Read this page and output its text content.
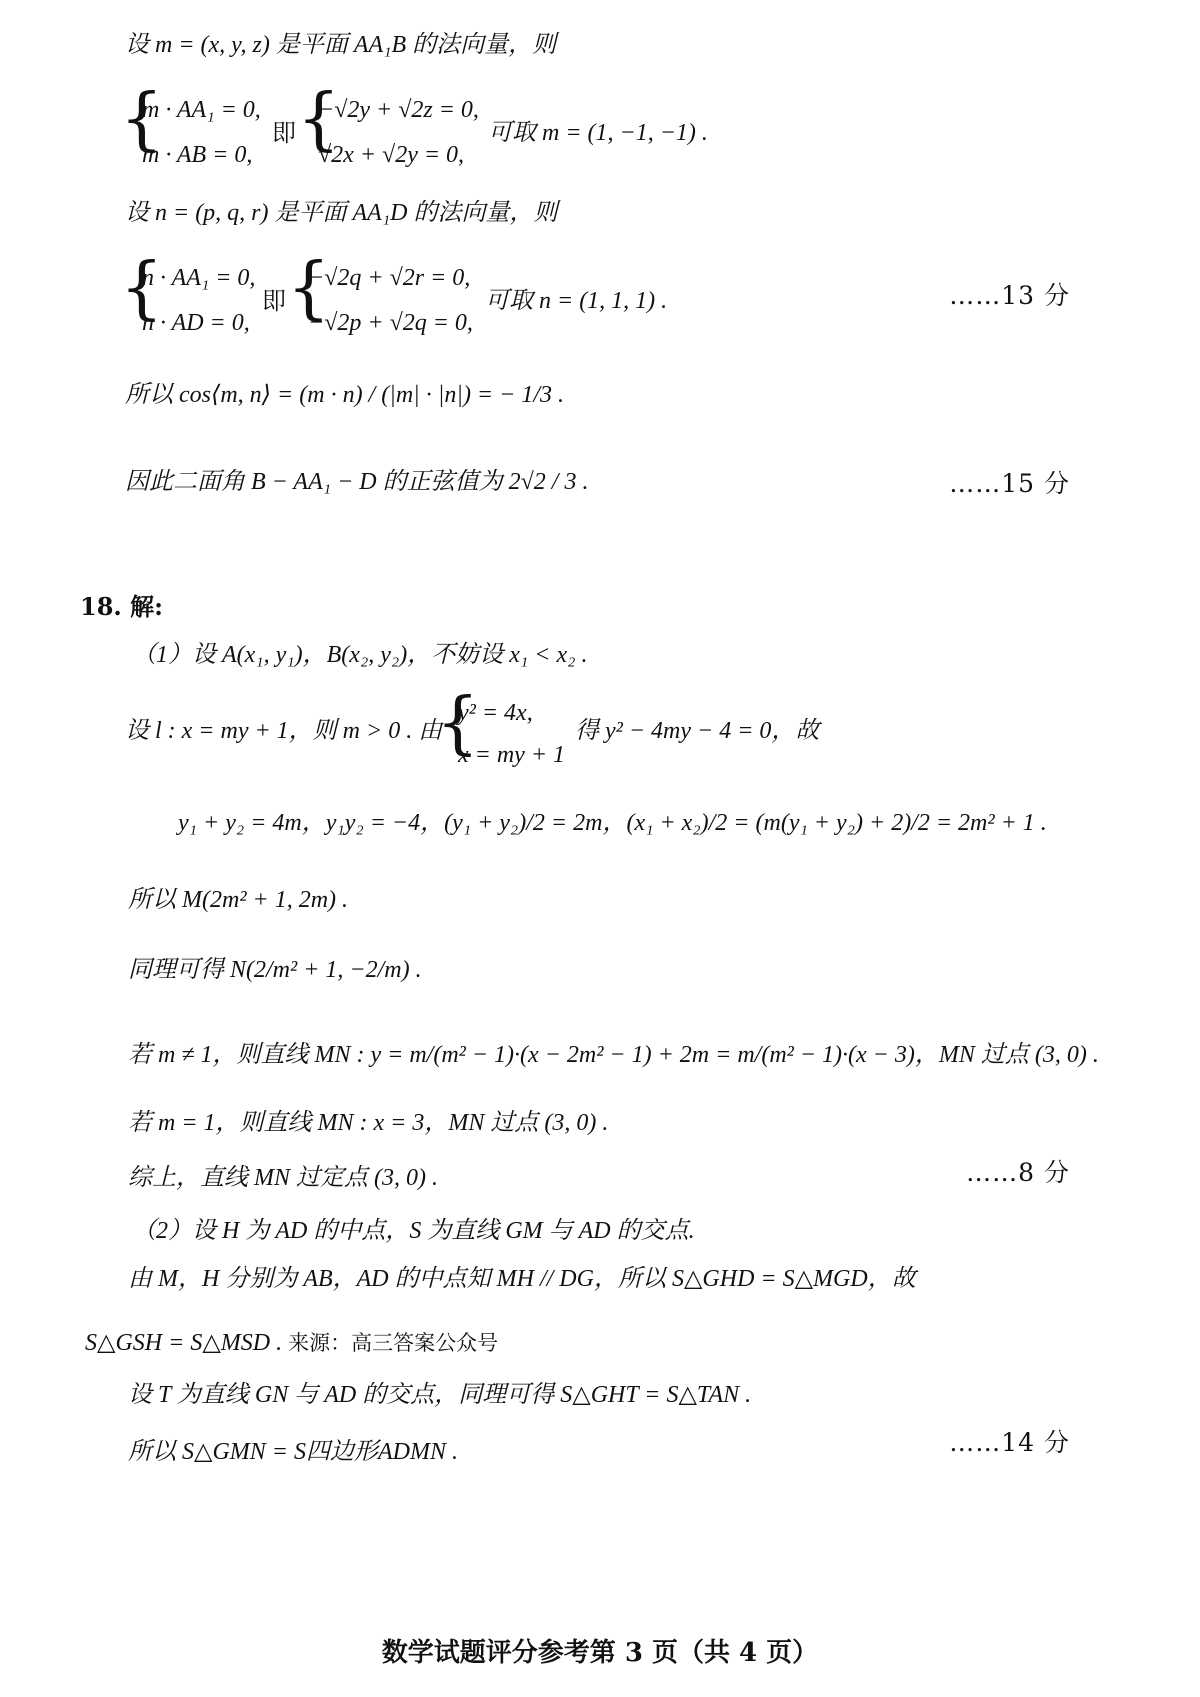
设 m = (x, y, z) 是平面 AA₁B 的法向量，则
{
m · AA₁ = 0,
m · AB = 0,
即 {
−√2y + √2z = 0,
√2x + √2y = 0,
可取 m = (1, −1, −1) .
设 n = (p, q, r) 是平面 AA₁D 的法向量，则
{
n · AA₁ = 0,
n · AD = 0,
即 {
−√2q + √2r = 0,
−√2p + √2q = 0,
可取 n = (1, 1, 1) .	……13 分
所以 cos⟨m, n⟩ = (m · n) / (|m| · |n|) = − 1/3 .
因此二面角 B − AA₁ − D 的正弦值为 2√2 / 3 .	……15 分
18. 解:
（1）设 A(x₁, y₁)，B(x₂, y₂)，不妨设 x₁ < x₂ .
设 l : x = my + 1，则 m > 0 . 由
{
y² = 4x,
x = my + 1
得 y² − 4my − 4 = 0，故
y₁ + y₂ = 4m，y₁y₂ = −4，(y₁ + y₂)/2 = 2m，(x₁ + x₂)/2 = (m(y₁ + y₂) + 2)/2 = 2m² + 1 .
所以 M(2m² + 1, 2m) .
同理可得 N(2/m² + 1, −2/m) .
若 m ≠ 1，则直线 MN : y = m/(m² − 1)·(x − 2m² − 1) + 2m = m/(m² − 1)·(x − 3)，MN 过点 (3, 0) .
若 m = 1，则直线 MN : x = 3，MN 过点 (3, 0) .
综上，直线 MN 过定点 (3, 0) .	……8 分
（2）设 H 为 AD 的中点，S 为直线 GM 与 AD 的交点.
由 M，H 分别为 AB，AD 的中点知 MH // DG，所以 S△GHD = S△MGD，故
S△GSH = S△MSD . 来源：高三答案公众号
设 T 为直线 GN 与 AD 的交点，同理可得 S△GHT = S△TAN .
所以 S△GMN = S四边形ADMN .	……14 分
数学试题评分参考第 3 页（共 4 页）
